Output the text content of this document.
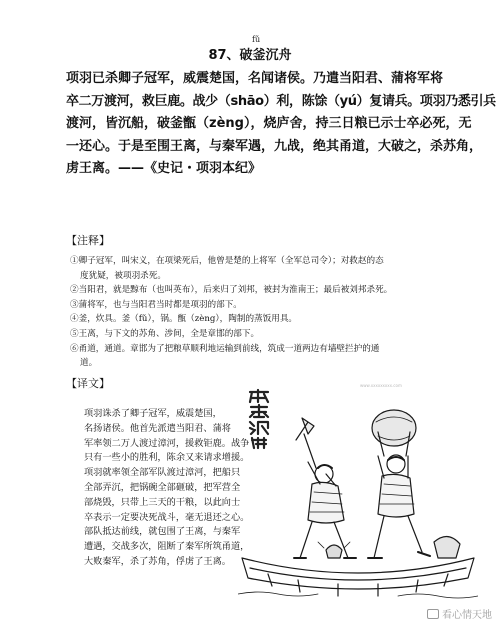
fǔ
87、破釜沉舟
项羽已杀卿子冠军，威震楚国，名闻诸侯。乃遣当阳君、蒲将军将
卒二万渡河，救巨鹿。战少（shāo）利，陈馀（yú）复请兵。项羽乃悉引兵
渡河，皆沉船，破釜甑（zèng），烧庐舍，持三日粮已示士卒必死，无
一还心。于是至围王离，与秦军遇，九战，绝其甬道，大破之，杀苏角，
虏王离。——《史记・项羽本纪》
【注释】
①卿子冠军，叫宋义，在项梁死后，他曾是楚的上将军（全军总司令）；对救赵的态
度犹疑，被项羽杀死。
②当阳君，就是黥布（也叫英布），后来归了刘邦，被封为淮南王；最后被刘邦杀死。
③蒲将军，也与当阳君当时都是项羽的部下。
④釜，炊具。釜（fǔ），锅。甑（zèng），陶制的蒸饭用具。
⑤王离，与下文的苏角、涉间，全是章邯的部下。
⑥甬道，通道。章邯为了把粮草顺利地运输到前线，筑成一道两边有墙壁拦护的通
道。
【译文】
项羽诛杀了卿子冠军，威震楚国，
名扬诸侯。他首先派遣当阳君、蒲将
军率领二万人渡过漳河，援救钜鹿。战争
只有一些小的胜利，陈余又来请求增援。
项羽就率领全部军队渡过漳河，把船只
全部弄沉，把锅碗全部砸破，把军营全
部烧毁，只带上三天的干粮，以此向士
卒表示一定要决死战斗，毫无退还之心。
部队抵达前线，就包围了王离，与秦军
遭遇，交战多次，阻断了秦军所筑甬道，
大败秦军，杀了苏角，俘虏了王离。
www.xxxxxxxxx.com
看心情天地
